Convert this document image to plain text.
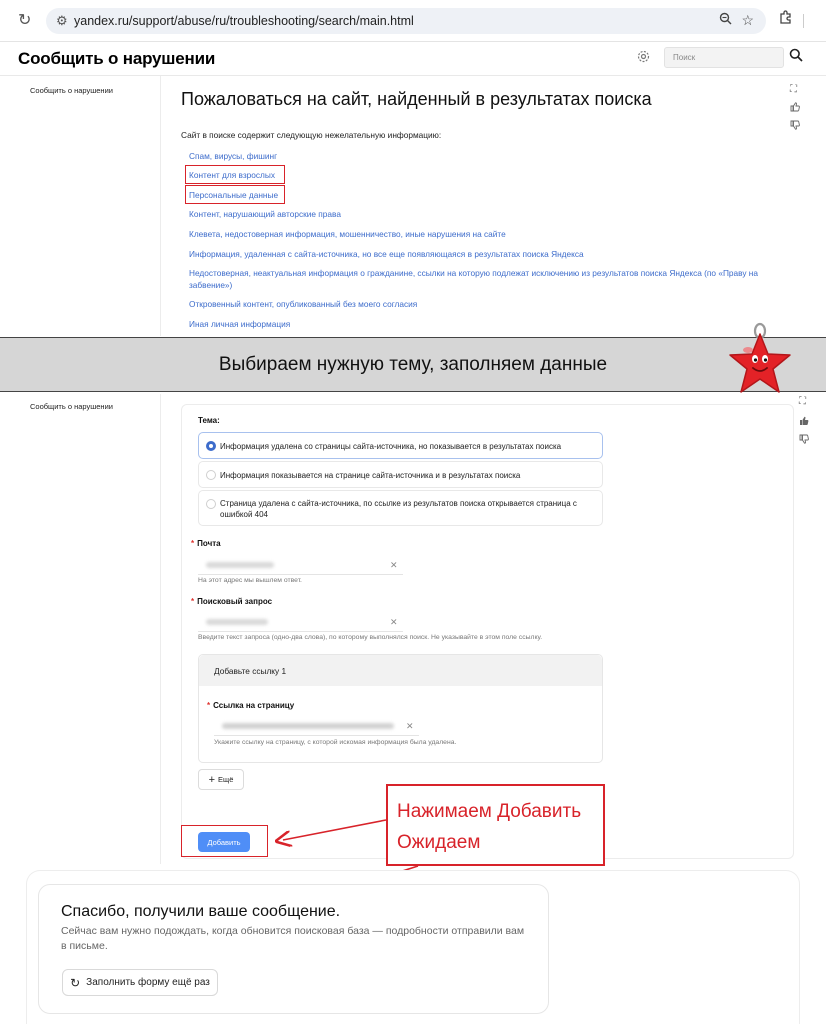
↻ ⚙ yandex.ru/support/abuse/ru/troubleshooting/search/main.html	☆
Сообщить о нарушении
Поиск
Сообщить о нарушении	⛶
Пожаловаться на сайт, найденный в результатах поиска

Сайт в поиске содержит следующую нежелательную информацию:

Спам, вирусы, фишинг
Контент для взрослых
Персональные данные
Контент, нарушающий авторские права
Клевета, недостоверная информация, мошенничество, иные нарушения на сайте
Информация, удаленная с сайта-источника, но все еще появляющаяся в результатах поиска Яндекса
Недостоверная, неактуальная информация о гражданине, ссылки на которую подлежат исключению из результатов поиска Яндекса (по «Праву на забвение»)
Откровенный контент, опубликованный без моего согласия
Иная личная информация
Выбираем нужную тему, заполняем данные
Сообщить о нарушении	⛶
Тема:
Информация удалена со страницы сайта-источника, но показывается в результатах поиска
Информация показывается на странице сайта-источника и в результатах поиска
Страница удалена с сайта-источника, по ссылке из результатов поиска открывается страница с ошибкой 404
* Почта
✕
На этот адрес мы вышлем ответ.
* Поисковый запрос
✕
Введите текст запроса (одно-два слова), по которому выполнялся поиск. Не указывайте в этом поле ссылку.
Добавьте ссылку 1
* Ссылка на страницу
✕
Укажите ссылку на страницу, с которой искомая информация была удалена.
+ Ещё
Добавить
Нажимаем Добавить
Ожидаем
Спасибо, получили ваше сообщение.
Сейчас вам нужно подождать, когда обновится поисковая база — подробности отправили вам в письме.
↻ Заполнить форму ещё раз
